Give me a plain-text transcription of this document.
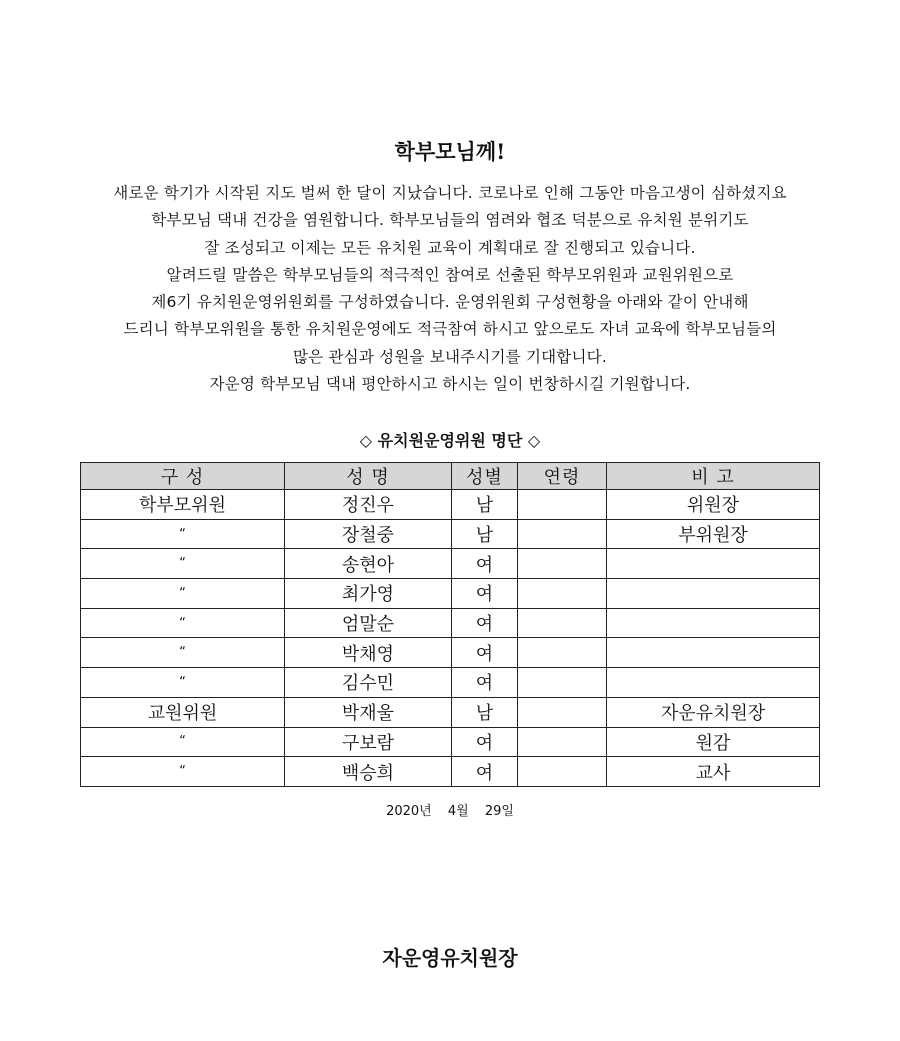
학부모님께!
새로운 학기가 시작된 지도 벌써 한 달이 지났습니다. 코로나로 인해 그동안 마음고생이 심하셨지요
학부모님 댁내 건강을 염원합니다. 학부모님들의 염려와 협조 덕분으로 유치원 분위기도
잘 조성되고 이제는 모든 유치원 교육이 계획대로 잘 진행되고 있습니다.
알려드릴 말씀은 학부모님들의 적극적인 참여로 선출된 학부모위원과 교원위원으로
제6기 유치원운영위원회를 구성하였습니다. 운영위원회 구성현황을 아래와 같이 안내해
드리니 학부모위원을 통한 유치원운영에도 적극참여 하시고 앞으로도 자녀 교육에 학부모님들의
많은 관심과 성원을 보내주시기를 기대합니다.
자운영 학부모님 댁내 평안하시고 하시는 일이 번창하시길 기원합니다.
◇ 유치원운영위원 명단 ◇
구 성	성 명	성별	연령	비 고
학부모위원	정진우	남		위원장
“	장철중	남		부위원장
“	송현아	여		
“	최가영	여		
“	엄말순	여		
“	박채영	여		
“	김수민	여		
교원위원	박재울	남		자운유치원장
“	구보람	여		원감
“	백승희	여		교사
2020년 4월 29일
자운영유치원장
